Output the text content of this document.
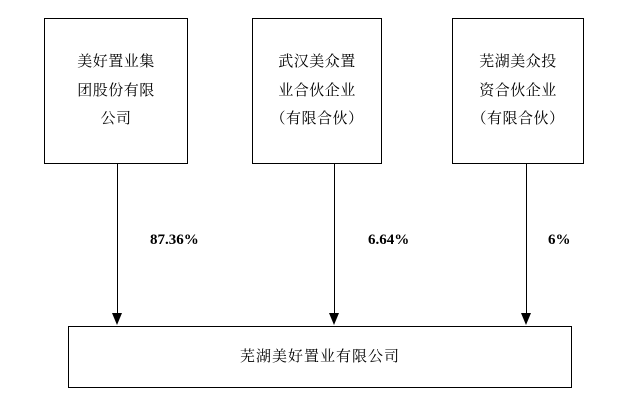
美好置业集
团股份有限
公司
武汉美众置
业合伙企业
（有限合伙）
芜湖美众投
资合伙企业
（有限合伙）
87.36%	6.64%	6%
芜湖美好置业有限公司
